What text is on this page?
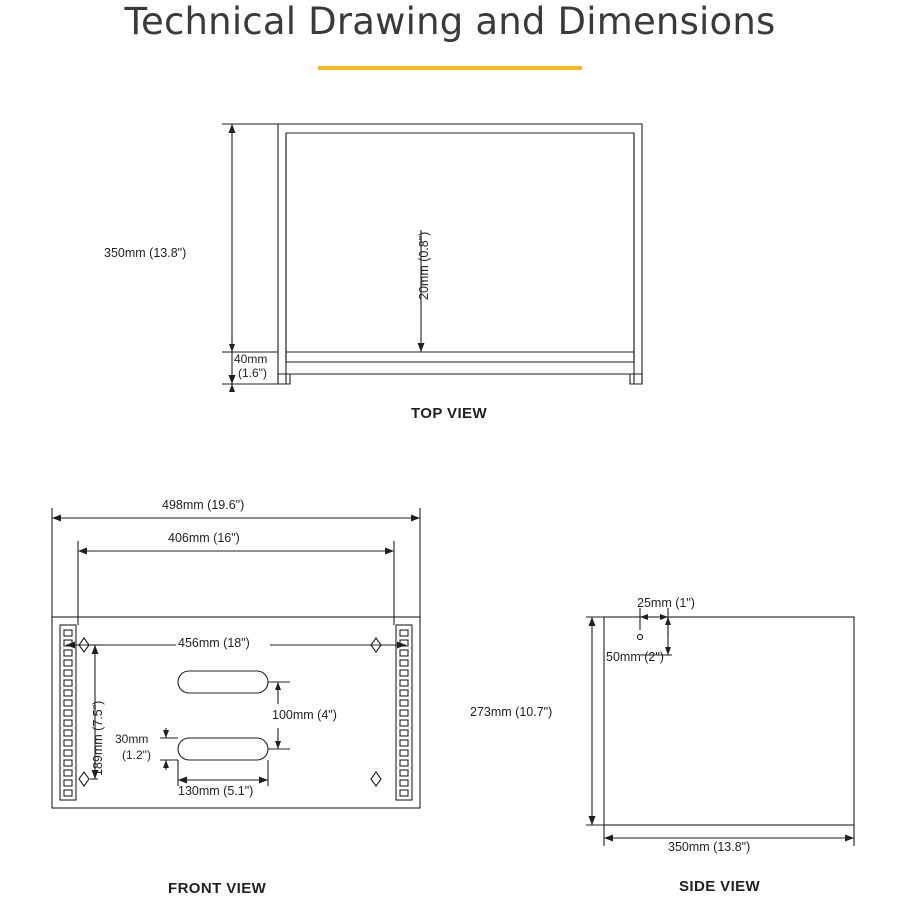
Technical Drawing and Dimensions
350mm (13.8")
40mm
(1.6")
20mm (0.8")
TOP VIEW
498mm (19.6")
406mm (16")
456mm (18")
189mm (7.5")	100mm (4")
30mm
(1.2")
130mm (5.1")
FRONT VIEW
25mm (1")
50mm (2")
273mm (10.7")
350mm (13.8")
SIDE VIEW
